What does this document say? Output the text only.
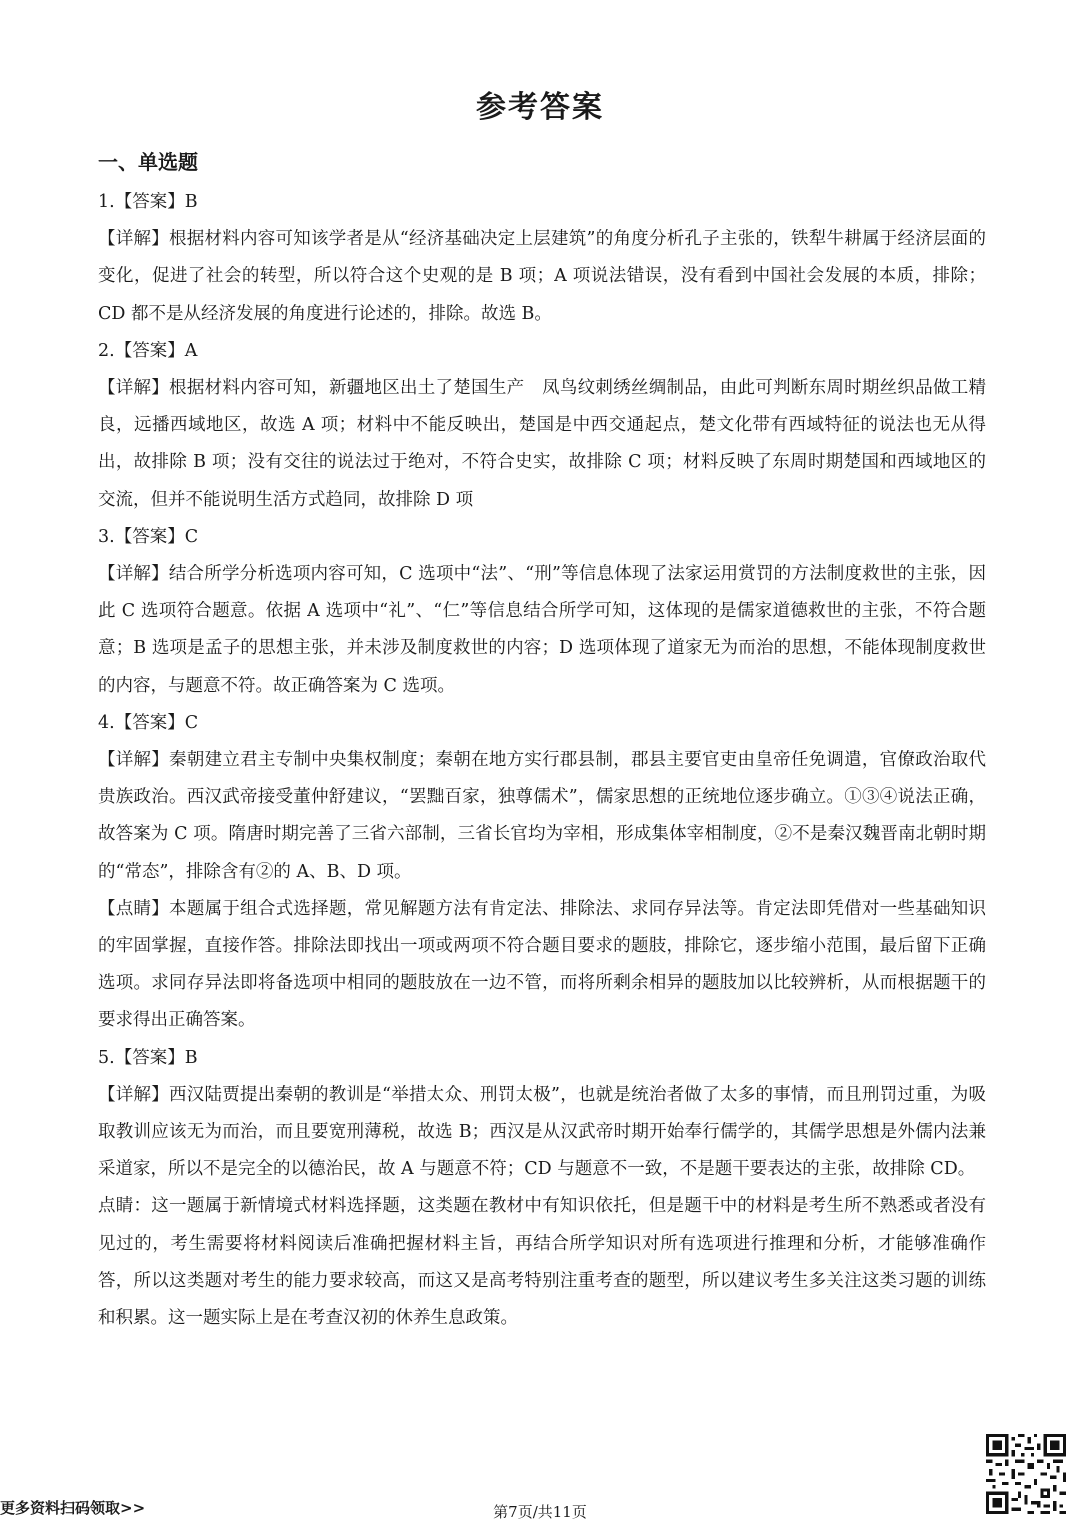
参考答案
一、单选题

1.【答案】B

【详解】根据材料内容可知该学者是从“经济基础决定上层建筑”的角度分析孔子主张的，铁犁牛耕属于经济层面的变化，促进了社会的转型，所以符合这个史观的是 B 项；A 项说法错误，没有看到中国社会发展的本质，排除；CD 都不是从经济发展的角度进行论述的，排除。故选 B。

2.【答案】A

【详解】根据材料内容可知，新疆地区出土了楚国生产　凤鸟纹刺绣丝绸制品，由此可判断东周时期丝织品做工精良，远播西域地区，故选 A 项；材料中不能反映出，楚国是中西交通起点，楚文化带有西域特征的说法也无从得出，故排除 B 项；没有交往的说法过于绝对，不符合史实，故排除 C 项；材料反映了东周时期楚国和西域地区的交流，但并不能说明生活方式趋同，故排除 D 项

3.【答案】C

【详解】结合所学分析选项内容可知，C 选项中“法”、“刑”等信息体现了法家运用赏罚的方法制度救世的主张，因此 C 选项符合题意。依据 A 选项中“礼”、“仁”等信息结合所学可知，这体现的是儒家道德救世的主张，不符合题意；B 选项是孟子的思想主张，并未涉及制度救世的内容；D 选项体现了道家无为而治的思想，不能体现制度救世的内容，与题意不符。故正确答案为 C 选项。

4.【答案】C

【详解】秦朝建立君主专制中央集权制度；秦朝在地方实行郡县制，郡县主要官吏由皇帝任免调遣，官僚政治取代贵族政治。西汉武帝接受董仲舒建议，“罢黜百家，独尊儒术”，儒家思想的正统地位逐步确立。①③④说法正确，故答案为 C 项。隋唐时期完善了三省六部制，三省长官均为宰相，形成集体宰相制度，②不是秦汉魏晋南北朝时期的“常态”，排除含有②的 A、B、D 项。

【点睛】本题属于组合式选择题，常见解题方法有肯定法、排除法、求同存异法等。肯定法即凭借对一些基础知识的牢固掌握，直接作答。排除法即找出一项或两项不符合题目要求的题肢，排除它，逐步缩小范围，最后留下正确选项。求同存异法即将备选项中相同的题肢放在一边不管，而将所剩余相异的题肢加以比较辨析，从而根据题干的要求得出正确答案。

5.【答案】B

【详解】西汉陆贾提出秦朝的教训是“举措太众、刑罚太极”，也就是统治者做了太多的事情，而且刑罚过重，为吸取教训应该无为而治，而且要宽刑薄税，故选 B；西汉是从汉武帝时期开始奉行儒学的，其儒学思想是外儒内法兼采道家，所以不是完全的以德治民，故 A 与题意不符；CD 与题意不一致，不是题干要表达的主张，故排除 CD。

点睛：这一题属于新情境式材料选择题，这类题在教材中有知识依托，但是题干中的材料是考生所不熟悉或者没有见过的，考生需要将材料阅读后准确把握材料主旨，再结合所学知识对所有选项进行推理和分析，才能够准确作答，所以这类题对考生的能力要求较高，而这又是高考特别注重考查的题型，所以建议考生多关注这类习题的训练和积累。这一题实际上是在考查汉初的休养生息政策。

更多资料扫码领取>>	第7页/共11页
